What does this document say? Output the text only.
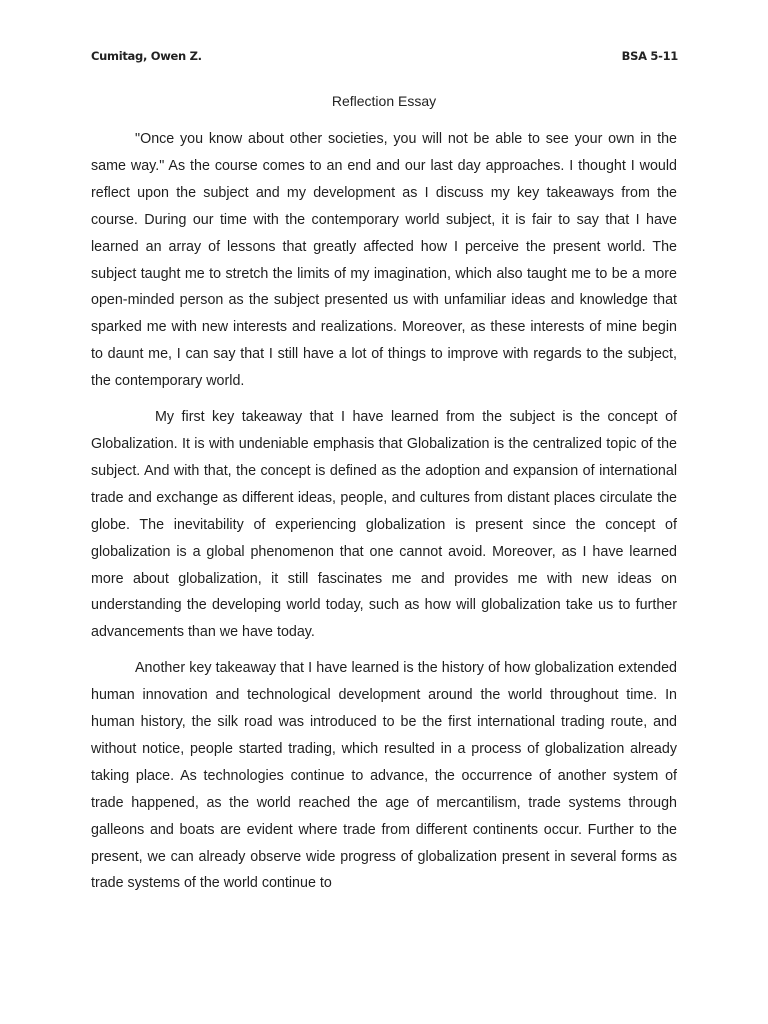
Cumitag, Owen Z.	BSA 5-11
Reflection Essay

"Once you know about other societies, you will not be able to see your own in the same way." As the course comes to an end and our last day approaches. I thought I would reflect upon the subject and my development as I discuss my key takeaways from the course. During our time with the contemporary world subject, it is fair to say that I have learned an array of lessons that greatly affected how I perceive the present world. The subject taught me to stretch the limits of my imagination, which also taught me to be a more open-minded person as the subject presented us with unfamiliar ideas and knowledge that sparked me with new interests and realizations. Moreover, as these interests of mine begin to daunt me, I can say that I still have a lot of things to improve with regards to the subject, the contemporary world.

My first key takeaway that I have learned from the subject is the concept of Globalization. It is with undeniable emphasis that Globalization is the centralized topic of the subject. And with that, the concept is defined as the adoption and expansion of international trade and exchange as different ideas, people, and cultures from distant places circulate the globe. The inevitability of experiencing globalization is present since the concept of globalization is a global phenomenon that one cannot avoid. Moreover, as I have learned more about globalization, it still fascinates me and provides me with new ideas on understanding the developing world today, such as how will globalization take us to further advancements than we have today.

Another key takeaway that I have learned is the history of how globalization extended human innovation and technological development around the world throughout time. In human history, the silk road was introduced to be the first international trading route, and without notice, people started trading, which resulted in a process of globalization already taking place. As technologies continue to advance, the occurrence of another system of trade happened, as the world reached the age of mercantilism, trade systems through galleons and boats are evident where trade from different continents occur. Further to the present, we can already observe wide progress of globalization present in several forms as trade systems of the world continue to
